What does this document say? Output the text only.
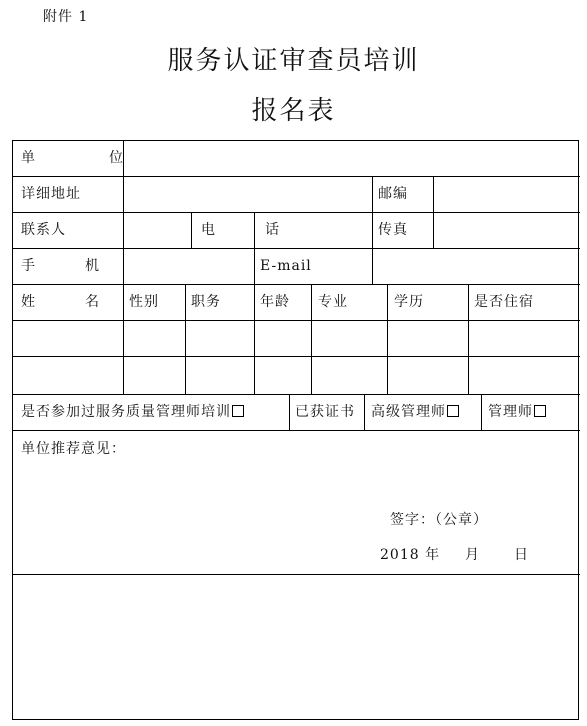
附件 1
服务认证审查员培训
报名表
单　位
详细地址	邮编
联系人	电　话	传真
手　机	E-mail
姓　名 性别 职务	年龄 专业	学历	是否住宿
是否参加过服务质量管理师培训	已获证书 高级管理师	管理师
单位推荐意见：
签字：（公章）
2018 年 月 日
